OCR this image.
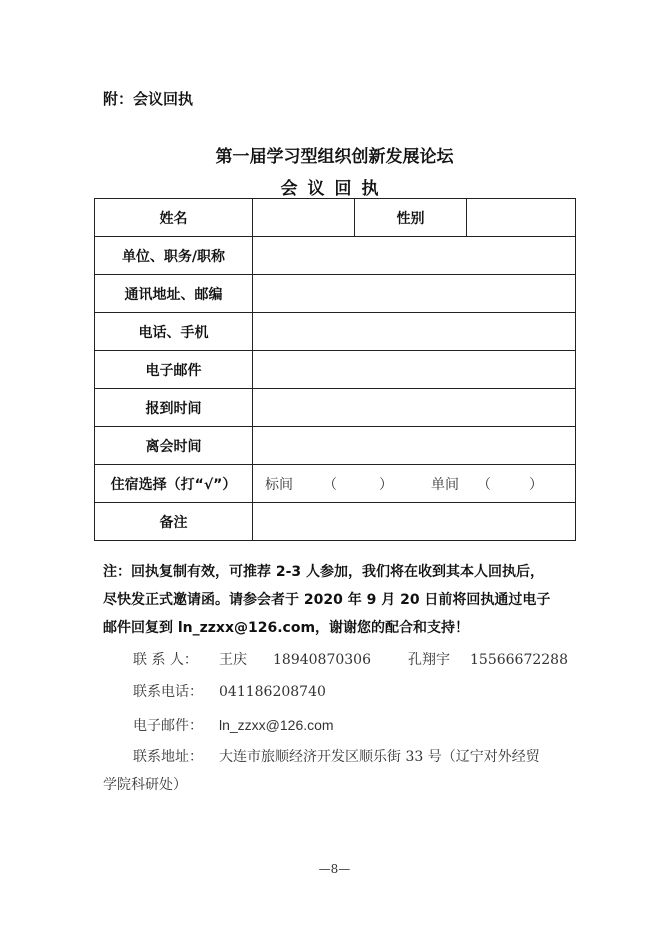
附：会议回执
第一届学习型组织创新发展论坛
会议回执
姓名		性别	
单位、职务/职称			
通讯地址、邮编			
电话、手机			
电子邮件			
报到时间			
离会时间			
住宿选择（打“√”）	标间 （ ） 单间 （ ）		
备注			
注：回执复制有效，可推荐 2-3 人参加，我们将在收到其本人回执后，
尽快发正式邀请函。请参会者于 2020 年 9 月 20 日前将回执通过电子
邮件回复到 ln_zzxx@126.com，谢谢您的配合和支持！
联 系 人： 王庆 18940870306	孔翔宇 15566672288
联系电话： 041186208740
电子邮件： ln_zzxx@126.com
联系地址： 大连市旅顺经济开发区顺乐街 33 号（辽宁对外经贸
学院科研处）
—8—
